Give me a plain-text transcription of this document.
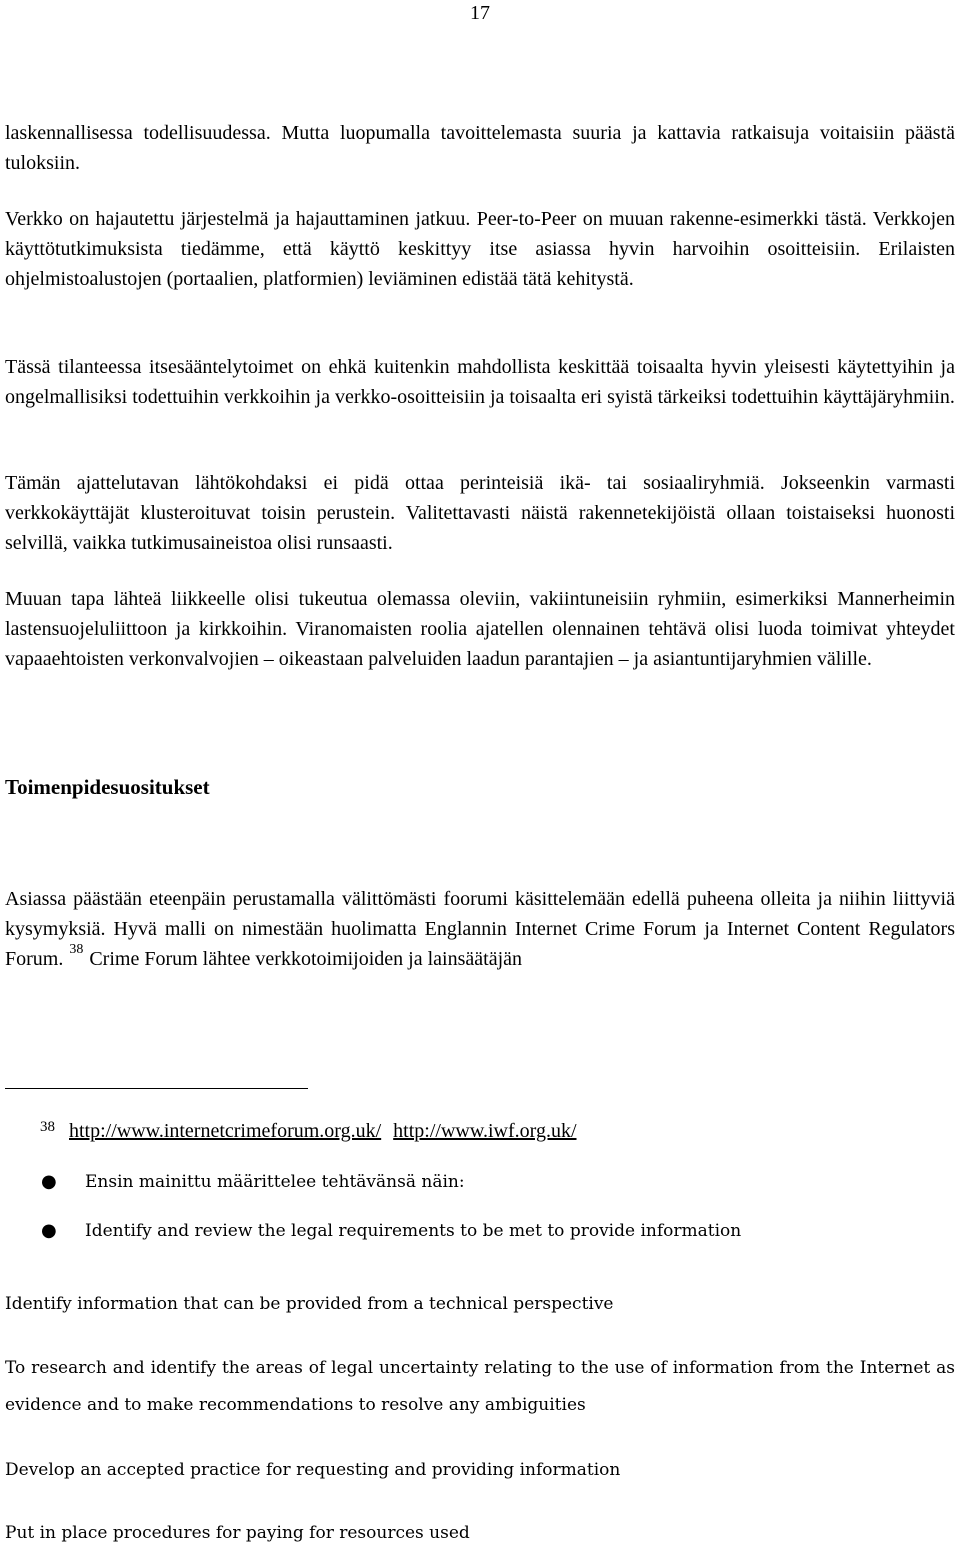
17
laskennallisessa todellisuudessa. Mutta luopumalla tavoittelemasta suuria ja kattavia ratkaisuja voitaisiin päästä tuloksiin.
Verkko on hajautettu järjestelmä ja hajauttaminen jatkuu. Peer-to-Peer on muuan rakenne-esimerkki tästä. Verkkojen käyttötutkimuksista tiedämme, että käyttö keskittyy itse asiassa hyvin harvoihin osoitteisiin. Erilaisten ohjelmistoalustojen (portaalien, platformien) leviäminen edistää tätä kehitystä.
Tässä tilanteessa itsesääntelytoimet on ehkä kuitenkin mahdollista keskittää toisaalta hyvin yleisesti käytettyihin ja ongelmallisiksi todettuihin verkkoihin ja verkko-osoitteisiin ja toisaalta eri syistä tärkeiksi todettuihin käyttäjäryhmiin.
Tämän ajattelutavan lähtökohdaksi ei pidä ottaa perinteisiä ikä- tai sosiaaliryhmiä. Jokseenkin varmasti verkkokäyttäjät klusteroituvat toisin perustein. Valitettavasti näistä rakennetekijöistä ollaan toistaiseksi huonosti selvillä, vaikka tutkimusaineistoa olisi runsaasti.
Muuan tapa lähteä liikkeelle olisi tukeutua olemassa oleviin, vakiintuneisiin ryhmiin, esimerkiksi Mannerheimin lastensuojeluliittoon ja kirkkoihin. Viranomaisten roolia ajatellen olennainen tehtävä olisi luoda toimivat yhteydet vapaaehtoisten verkonvalvojien – oikeastaan palveluiden laadun parantajien – ja asiantuntijaryhmien välille.
Toimenpidesuositukset
Asiassa päästään eteenpäin perustamalla välittömästi foorumi käsittelemään edellä puheena olleita ja niihin liittyviä kysymyksiä. Hyvä malli on nimestään huolimatta Englannin Internet Crime Forum ja Internet Content Regulators Forum. $^{38}$ Crime Forum lähtee verkkotoimijoiden ja lainsäätäjän
$^{38}$ http://www.internetcrimeforum.org.uk/ http://www.iwf.org.uk/
● Ensin mainittu määrittelee tehtävänsä näin:
● Identify and review the legal requirements to be met to provide information
Identify information that can be provided from a technical perspective
To research and identify the areas of legal uncertainty relating to the use of information from the Internet as evidence and to make recommendations to resolve any ambiguities
Develop an accepted practice for requesting and providing information
Put in place procedures for paying for resources used
